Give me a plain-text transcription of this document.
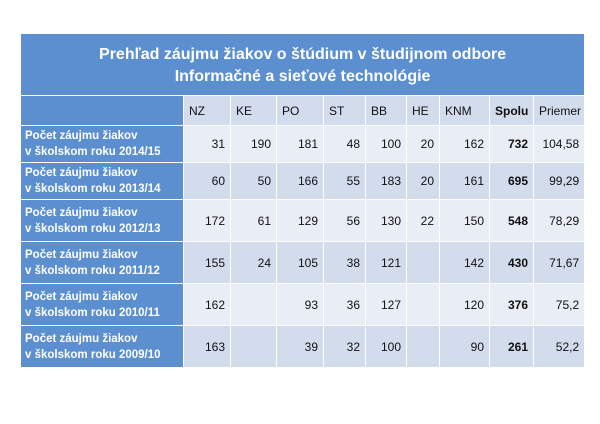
Prehľad záujmu žiakov o štúdium v študijnom odbore
Informačné a sieťové technológie									

	NZ	KE	PO	ST	BB	HE	KNM	Spolu	Priemer

Počet záujmu žiakov
v školskom roku 2014/15	31	190	181	48	100	20	162	732	104,58

Počet záujmu žiakov
v školskom roku 2013/14	60	50	166	55	183	20	161	695	99,29

Počet záujmu žiakov
v školskom roku 2012/13	172	61	129	56	130	22	150	548	78,29

Počet záujmu žiakov
v školskom roku 2011/12	155	24	105	38	121		142	430	71,67

Počet záujmu žiakov
v školskom roku 2010/11	162		93	36	127		120	376	75,2

Počet záujmu žiakov
v školskom roku 2009/10	163		39	32	100		90	261	52,2
